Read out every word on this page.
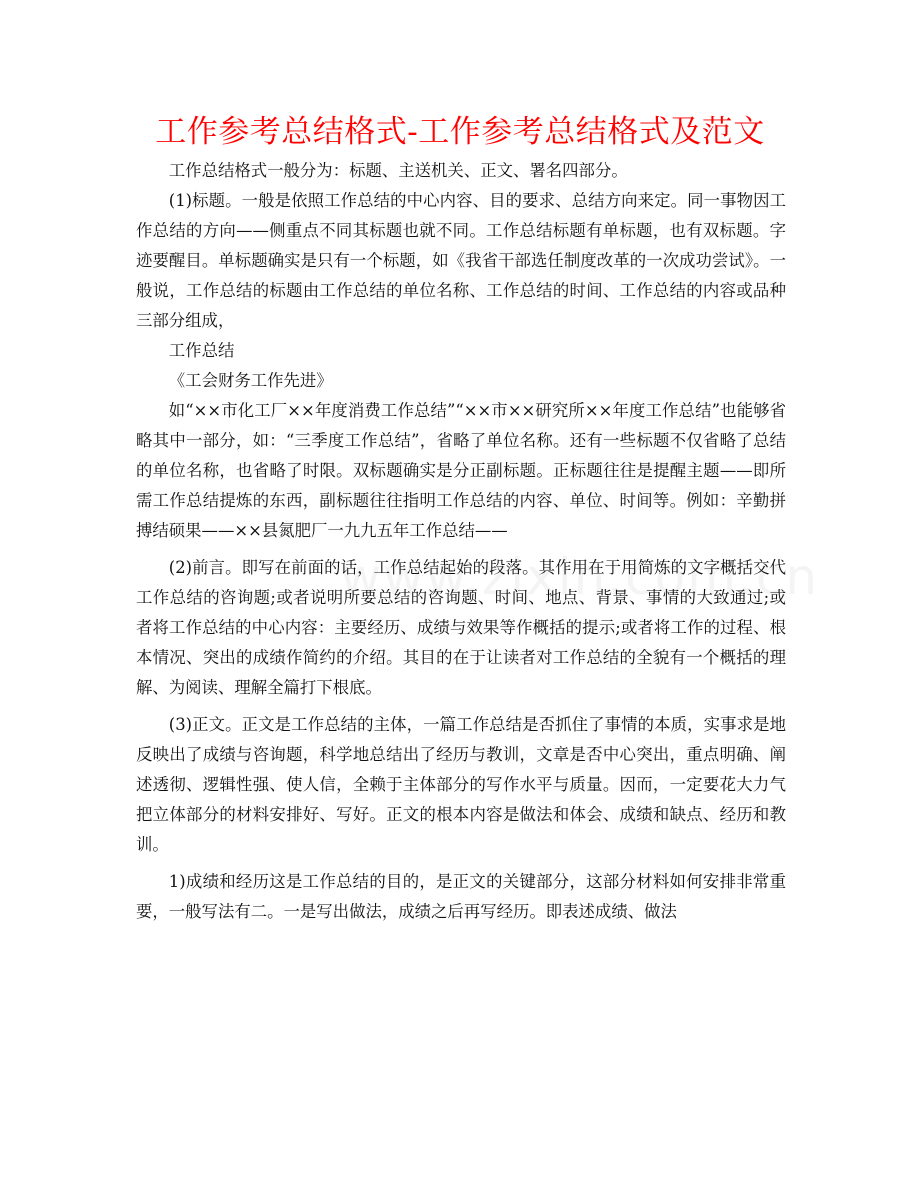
工作参考总结格式-工作参考总结格式及范文

工作总结格式一般分为：标题、主送机关、正文、署名四部分。

(1)标题。一般是依照工作总结的中心内容、目的要求、总结方向来定。同一事物因工作总结的方向——侧重点不同其标题也就不同。工作总结标题有单标题，也有双标题。字迹要醒目。单标题确实是只有一个标题，如《我省干部选任制度改革的一次成功尝试》。一般说，工作总结的标题由工作总结的单位名称、工作总结的时间、工作总结的内容或品种三部分组成，

工作总结

《工会财务工作先进》

如“××市化工厂××年度消费工作总结”“××市××研究所××年度工作总结”也能够省略其中一部分，如：“三季度工作总结”，省略了单位名称。还有一些标题不仅省略了总结的单位名称，也省略了时限。双标题确实是分正副标题。正标题往往是提醒主题——即所需工作总结提炼的东西，副标题往往指明工作总结的内容、单位、时间等。例如：辛勤拼搏结硕果——××县氮肥厂一九九五年工作总结——

(2)前言。即写在前面的话，工作总结起始的段落。其作用在于用简炼的文字概括交代工作总结的咨询题;或者说明所要总结的咨询题、时间、地点、背景、事情的大致通过;或者将工作总结的中心内容：主要经历、成绩与效果等作概括的提示;或者将工作的过程、根本情况、突出的成绩作简约的介绍。其目的在于让读者对工作总结的全貌有一个概括的理解、为阅读、理解全篇打下根底。

(3)正文。正文是工作总结的主体，一篇工作总结是否抓住了事情的本质，实事求是地反映出了成绩与咨询题，科学地总结出了经历与教训，文章是否中心突出，重点明确、阐述透彻、逻辑性强、使人信，全赖于主体部分的写作水平与质量。因而，一定要花大力气把立体部分的材料安排好、写好。正文的根本内容是做法和体会、成绩和缺点、经历和教训。

1)成绩和经历这是工作总结的目的，是正文的关键部分，这部分材料如何安排非常重要，一般写法有二。一是写出做法，成绩之后再写经历。即表述成绩、做法
